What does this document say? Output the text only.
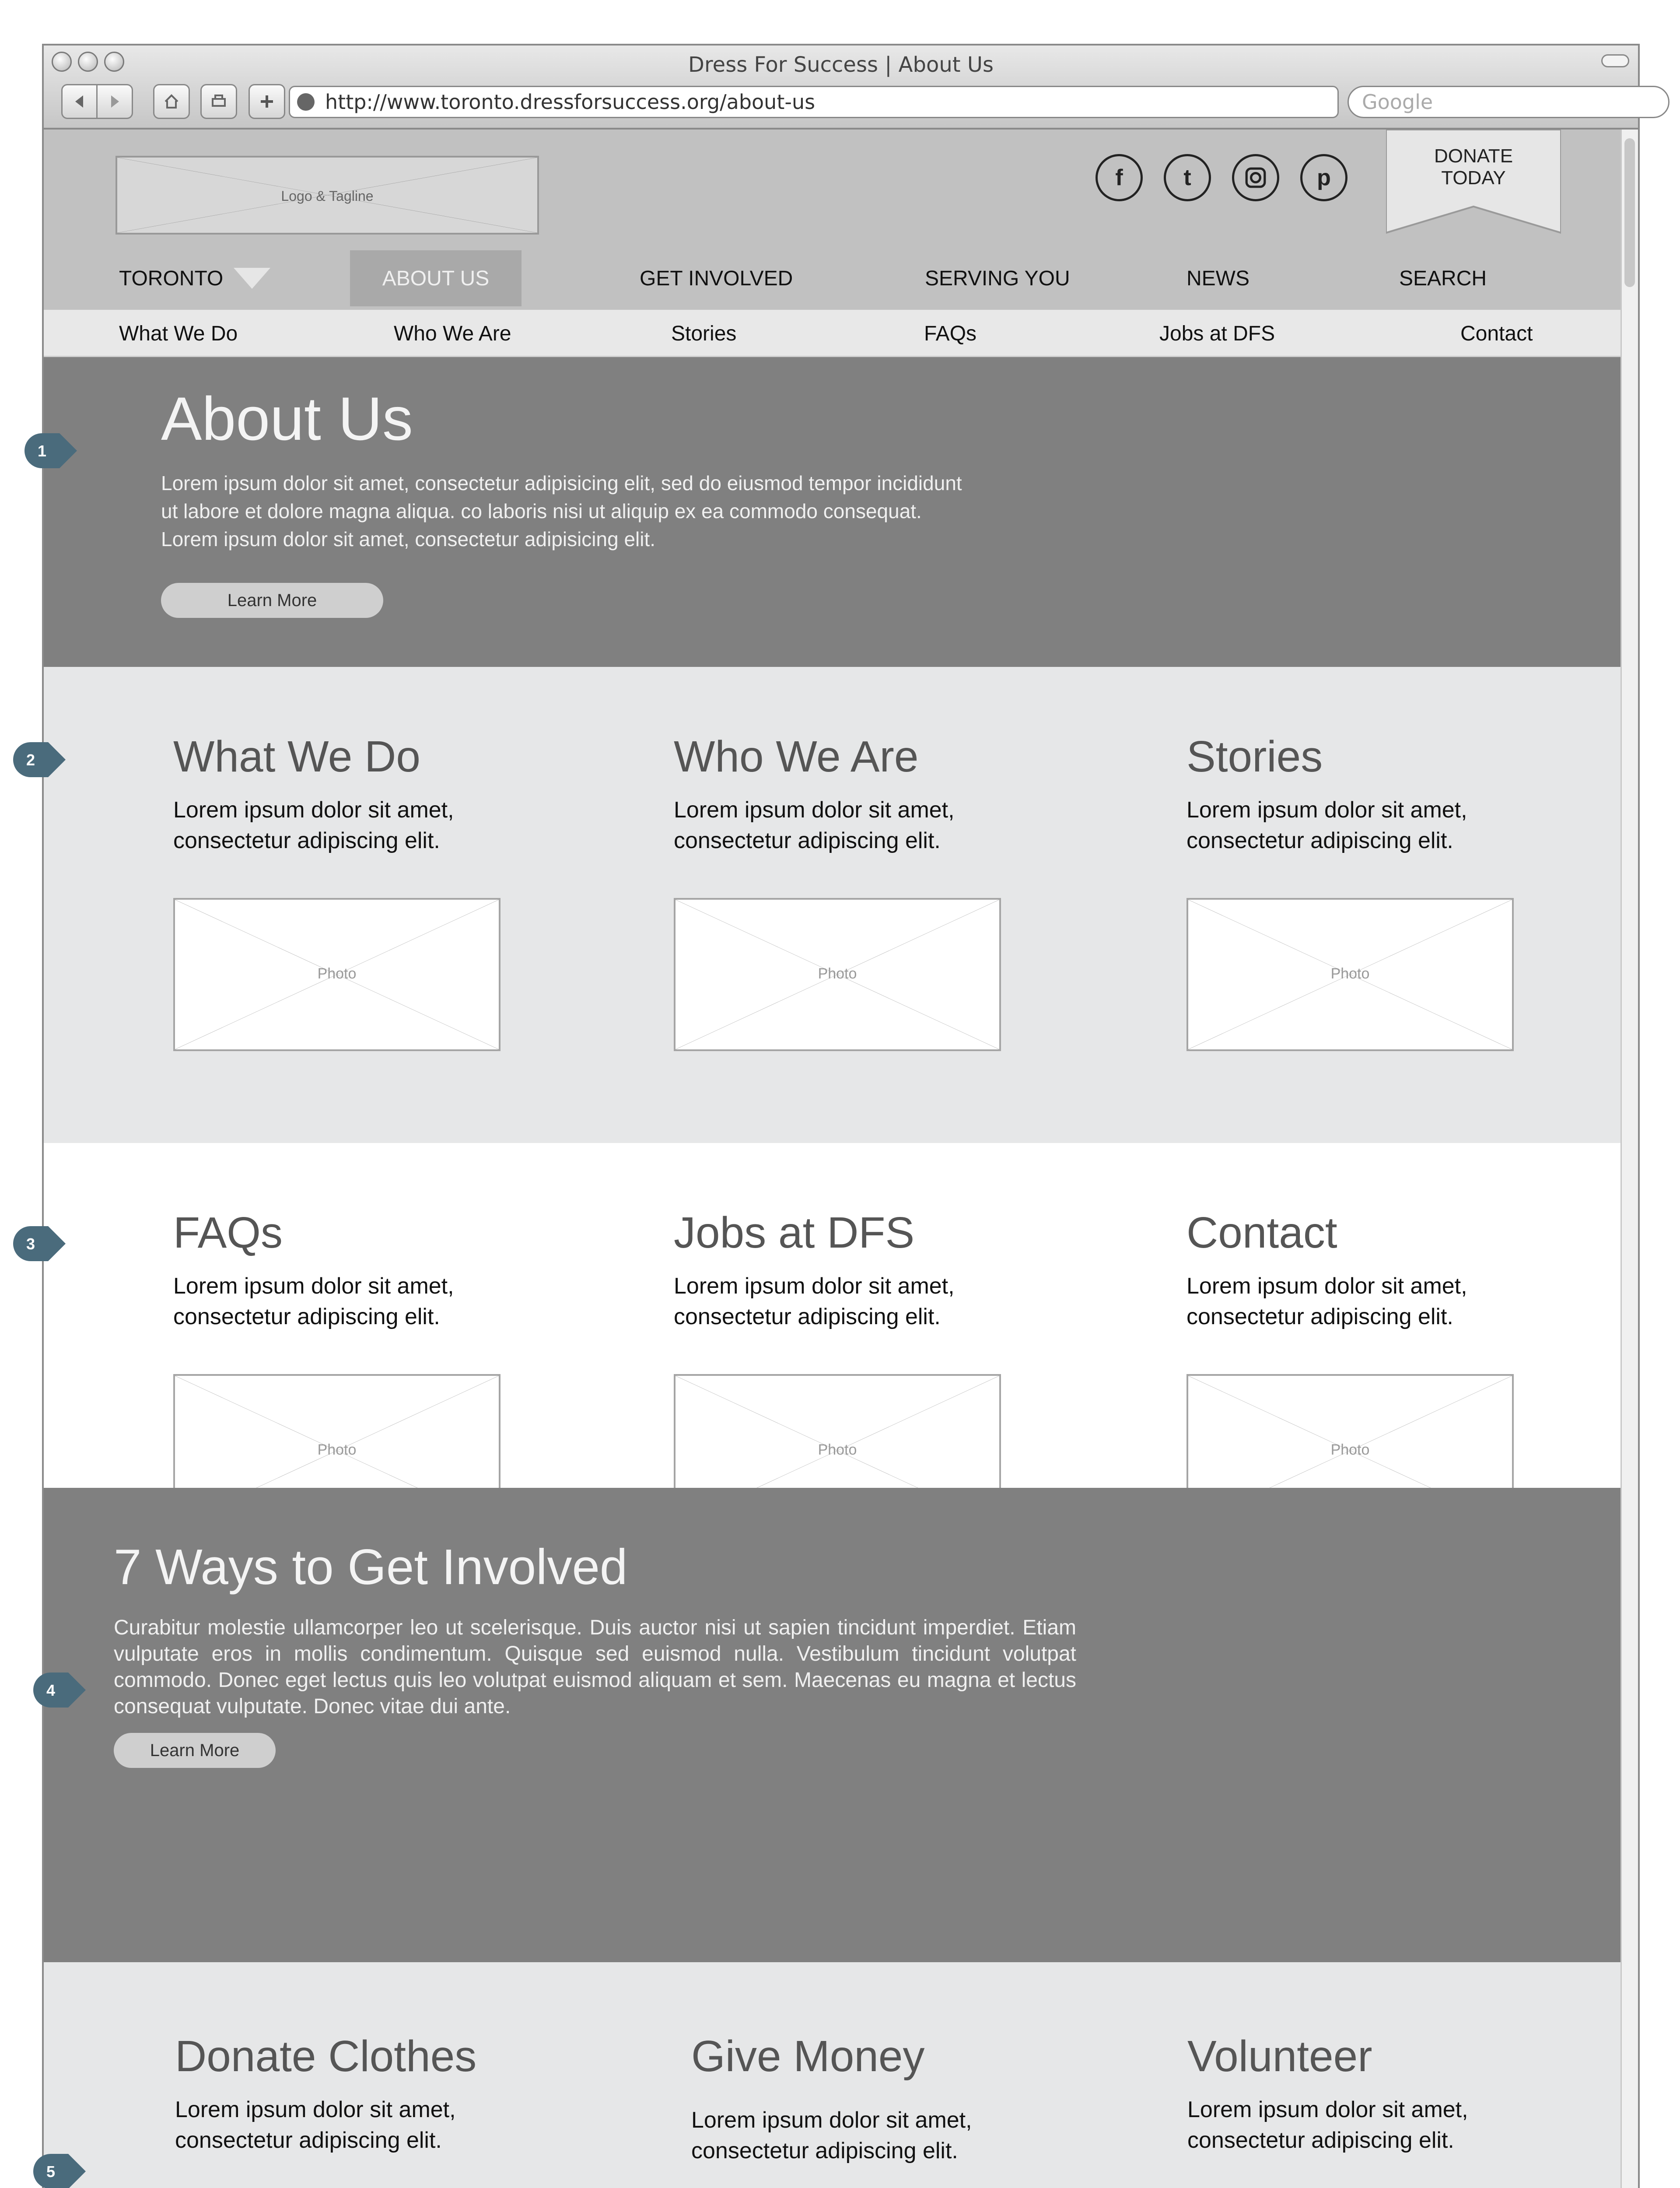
Dress For Success | About Us
http://www.toronto.dressforsuccess.org/about-us	Google
Logo & Tagline
f	t	p
DONATE
TODAY
TORONTO	ABOUT US	GET INVOLVED	SERVING YOU	NEWS	SEARCH
What We Do	Who We Are	Stories	FAQs	Jobs at DFS	Contact
About Us

Lorem ipsum dolor sit amet, consectetur adipisicing elit, sed do eiusmod tempor incididunt ut labore et dolore magna aliqua. co laboris nisi ut aliquip ex ea commodo consequat. Lorem ipsum dolor sit amet, consectetur adipisicing elit.

Learn More
What We Do

Lorem ipsum dolor sit amet, consectetur adipiscing elit.

Photo
Who We Are

Lorem ipsum dolor sit amet, consectetur adipiscing elit.

Photo
Stories

Lorem ipsum dolor sit amet, consectetur adipiscing elit.

Photo
FAQs

Lorem ipsum dolor sit amet, consectetur adipiscing elit.

Photo
Jobs at DFS

Lorem ipsum dolor sit amet, consectetur adipiscing elit.

Photo
Contact

Lorem ipsum dolor sit amet, consectetur adipiscing elit.

Photo
7 Ways to Get Involved

Curabitur molestie ullamcorper leo ut scelerisque. Duis auctor nisi ut sapien tincidunt imperdiet. Etiam vulputate eros in mollis condimentum. Quisque sed euismod nulla. Vestibulum tincidunt volutpat commodo. Donec eget lectus quis leo volutpat euismod aliquam et sem. Maecenas eu magna et lectus consequat vulputate. Donec vitae dui ante.

Learn More
Donate Clothes

Lorem ipsum dolor sit amet, consectetur adipiscing elit.

Give Money

Lorem ipsum dolor sit amet, consectetur adipiscing elit.

Volunteer

Lorem ipsum dolor sit amet, consectetur adipiscing elit.

1
2
3
4
5
